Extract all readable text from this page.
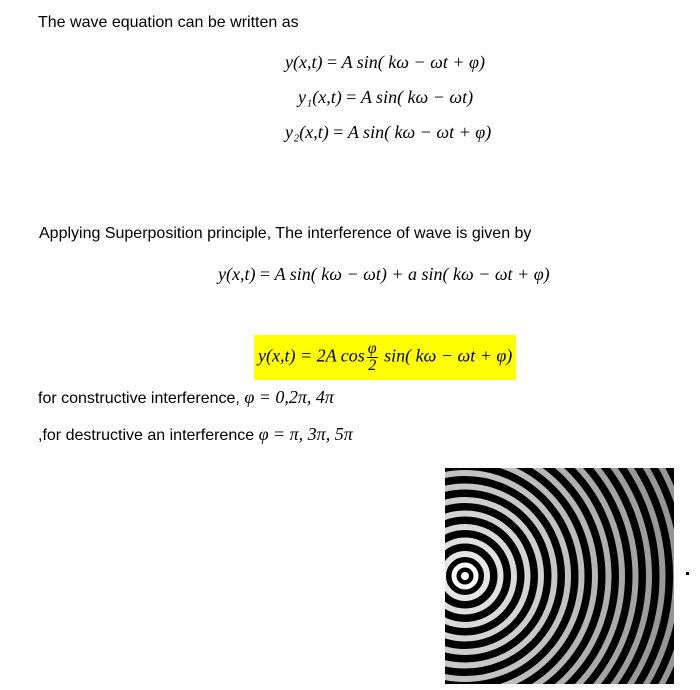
The wave equation can be written as
y(x,t) = A sin( kω − ωt + φ)
y₁(x,t) = A sin( kω − ωt)
y₂(x,t) = A sin( kω − ωt + φ)
Applying Superposition principle, The interference of wave is given by
y(x,t) = A sin( kω − ωt) + a sin( kω − ωt + φ)
y(x,t) = 2A $\cos \frac{\varphi}{2} \sin$( kω − ωt + φ)
for constructive interference, φ = 0,2π, 4π
,for destructive an interference φ = π, 3π, 5π
